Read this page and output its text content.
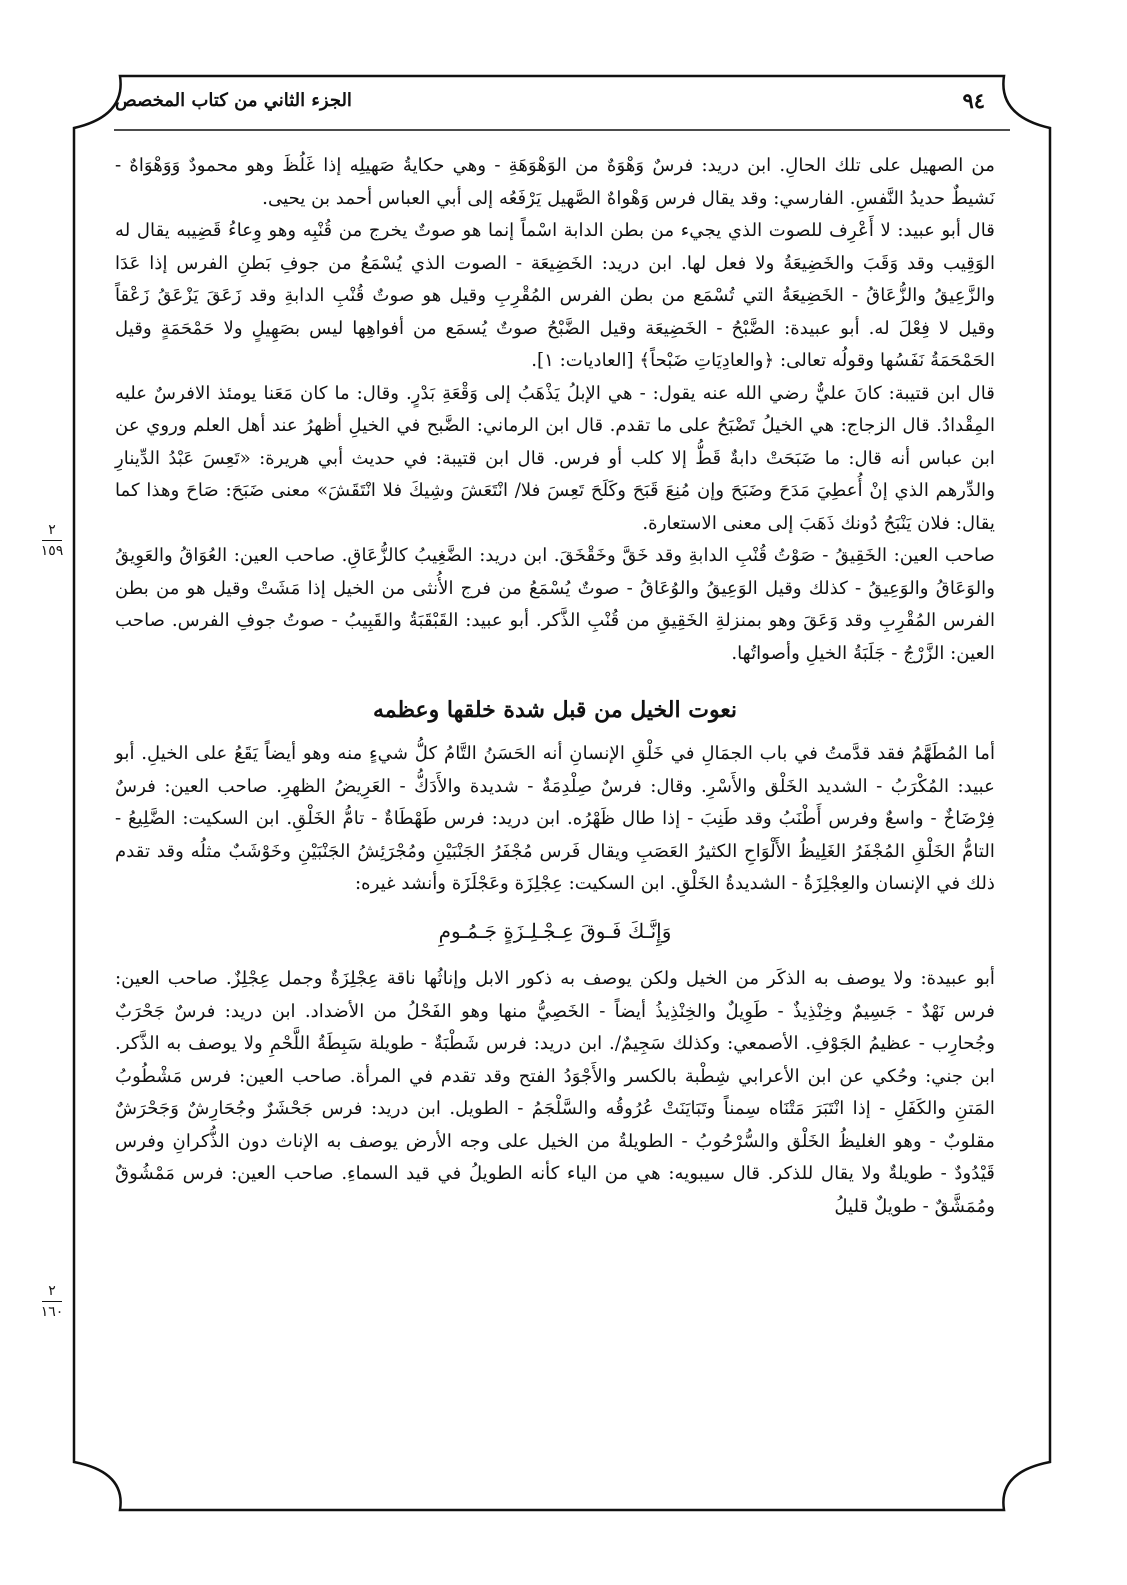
٩٤
الجزء الثاني من كتاب المخصص
٢
١٥٩
٢
١٦٠

من الصهيل على تلك الحالِ. ابن دريد: فرسٌ وَهْوَهٌ من الوَهْوَهَةِ - وهي حكايةُ صَهيلِه إذا غَلُظَ وهو محمودٌ وَوَهْوَاهٌ - نَشيطٌ حديدُ النَّفسِ. الفارسي: وقد يقال فرس وَهْواهٌ الصَّهيل يَرْفَعُه إلى أبي العباس أحمد بن يحيى.

قال أبو عبيد: لا أَعْرِف للصوت الذي يجيء من بطن الدابة اسْماً إنما هو صوتٌ يخرج من قُنْبِه وهو وِعاءُ قَضِيبه يقال له الوَقِيب وقد وَقَبَ والخَضِيعَةُ ولا فعل لها. ابن دريد: الخَضِيعَة - الصوت الذي يُسْمَعُ من جوفِ بَطنِ الفرس إذا عَدَا والزَّعِيقُ والزُّعَاقُ - الخَضِيعَةُ التي تُسْمَع من بطن الفرس المُقْرِبِ وقيل هو صوتٌ قُنْبِ الدابةِ وقد زَعَقَ يَزْعَقُ زَعْقاً وقيل لا فِعْلَ له. أبو عبيدة: الضَّبْحُ - الخَضِيعَة وقيل الضَّبْحُ صوتٌ يُسمَع من أفواهِها ليس بصَهِيلٍ ولا حَمْحَمَةٍ وقيل الحَمْحَمَةُ نَفَسُها وقولُه تعالى: ﴿والعادِيَاتِ ضَبْحاً﴾ [العاديات: ١].

قال ابن قتيبة: كانَ عليٌّ رضي الله عنه يقول: - هي الإبلُ يَذْهَبُ إلى وَقْعَةِ بَدْرٍ. وقال: ما كان مَعَنا يومئذ الافرسٌ عليه المِقْدادُ. قال الزجاج: هي الخيلُ تَضْبَحُ على ما تقدم. قال ابن الرماني: الضَّبح في الخيلِ أظهرُ عند أهل العلم وروي عن ابن عباس أنه قال: ما ضَبَحَتْ دابةٌ قَطُّ إلا كلب أو فرس. قال ابن قتيبة: في حديث أبي هريرة: «تَعِسَ عَبْدُ الدِّينارِ والدِّرهم الذي إنْ أُعطِيَ مَدَحَ وضَبَحَ وإن مُنِعَ قَبَحَ وكَلَحَ تَعِسَ فلا/ انْتَعَشَ وشِيكَ فلا انْتَقَشَ» معنى ضَبَحَ: صَاحَ وهذا كما يقال: فلان يَنْبَحُ دُونك ذَهَبَ إلى معنى الاستعارة.

صاحب العين: الخَقِيقُ - صَوْتُ قُنْبِ الدابةِ وقد خَقَّ وخَقْخَقَ. ابن دريد: الضَّغِيبُ كالزُّعَاقِ. صاحب العين: العُوَاقُ والعَوِيقُ والوَعَاقُ والوَعِيقُ - كذلك وقيل الوَعِيقُ والوُعَاقُ - صوتٌ يُسْمَعُ من فرج الأُنثى من الخيل إذا مَشَتْ وقيل هو من بطن الفرس المُقْرِبِ وقد وَعَقَ وهو بمنزلةِ الخَقِيقِ من قُنْبِ الذَّكر. أبو عبيد: القَبْقَبَةُ والقَبِيبُ - صوتُ جوفِ الفرس. صاحب العين: الزَّرْجُ - جَلَبَةُ الخيلِ وأصواتُها.

نعوت الخيل من قبل شدة خلقها وعظمه

أما المُطَهَّمُ فقد قدَّمتُ في باب الجمَالِ في خَلْقِ الإنسانِ أنه الحَسَنُ التَّامُ كلُّ شيءٍ منه وهو أيضاً يَقَعُ على الخيلِ. أبو عبيد: المُكْرَبُ - الشديد الخَلْق والأَسْرِ. وقال: فرسٌ صِلْدِمَةٌ - شديدة والأَدَكُّ - العَرِيضُ الظهرِ. صاحب العين: فرسٌ فِرْضَاخٌ - واسعٌ وفرس أَطْنَبُ وقد طَنِبَ - إذا طال ظَهْرُه. ابن دريد: فرس طَهْطَاةٌ - تامُّ الخَلْقِ. ابن السكيت: الضَّلِيعُ - التامُّ الخَلْقِ المُجْفَرُ الغَلِيظُ الأَلْوَاحِ الكثيرُ العَصَبِ ويقال فَرس مُجْفَرُ الجَنْبَيْنِ ومُجْرَئِشُ الجَنْبَيْنِ وخَوْشَبٌ مثلُه وقد تقدم ذلك في الإنسان والعِجْلِزَةُ - الشديدةُ الخَلْقِ. ابن السكيت: عِجْلِزَة وعَجْلَزَة وأنشد غيره:

وَإِنَّـكَ فَـوقَ عِـجْـلِـزَةٍ جَـمُـومِ

أبو عبيدة: ولا يوصف به الذكَر من الخيل ولكن يوصف به ذكور الابل وإناثُها ناقة عِجْلِزَةٌ وجمل عِجْلِزٌ. صاحب العين: فرس نَهْدٌ - جَسِيمٌ وخِنْذِيذٌ - طَوِيلٌ والخِنْذِيذُ أيضاً - الخَصِيُّ منها وهو الفَحْلُ من الأضداد. ابن دريد: فرسٌ جَحْرَبٌ وجُحارِب - عظيمُ الجَوْفِ. الأصمعي: وكذلك سَجِيمٌ/. ابن دريد: فرس شَطْبَةٌ - طويلة سَبِطَةُ اللَّحْمِ ولا يوصف به الذَّكر. ابن جني: وحُكي عن ابن الأعرابي شِطْبة بالكسر والأَجْوَدُ الفتح وقد تقدم في المرأة. صاحب العين: فرس مَشْطُوبُ المَتنِ والكَفَلِ - إذا انْتَبَرَ مَتْنَاه سِمناً وتَبَايَنَتْ عُرُوقُه والسَّلْجَمُ - الطويل. ابن دريد: فرس جَحْشَرٌ وجُحَارِشٌ وَجَحْرَشٌ مقلوبٌ - وهو الغليظُ الخَلْق والسُّرْحُوبُ - الطويلةُ من الخيل على وجه الأرض يوصف به الإناث دون الذُّكرانِ وفرس قَيْدُودٌ - طويلةٌ ولا يقال للذكر. قال سيبويه: هي من الياء كأنه الطويلُ في قيد السماءِ. صاحب العين: فرس مَمْشُوقٌ ومُمَشَّقٌ - طويلٌ قليلُ
